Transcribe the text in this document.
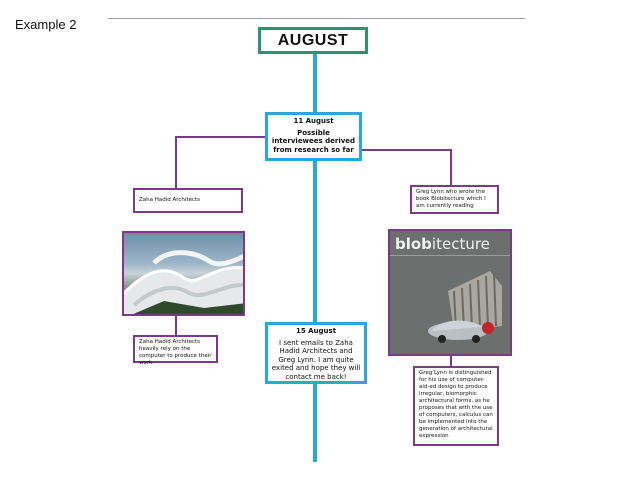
Example 2
AUGUST
11 August
Possible interviewees derived from research so far
Zaha Hadid Architects
Greg Lynn who wrote the book Blobitecture which I am currently reading
blobitecture
Zaha Hadid Architects heavily rely on the computer to produce their work.
15 August
I sent emails to Zaha Hadid Architects and Greg Lynn. I am quite exited and hope they will contact me back!	Greg Lynn is distinguished for his use of computer-aid-ed design to produce irregular, biomorphic architectural forms, as he proposes that with the use of computers, calculus can be implemented into the generation of architectural expression
